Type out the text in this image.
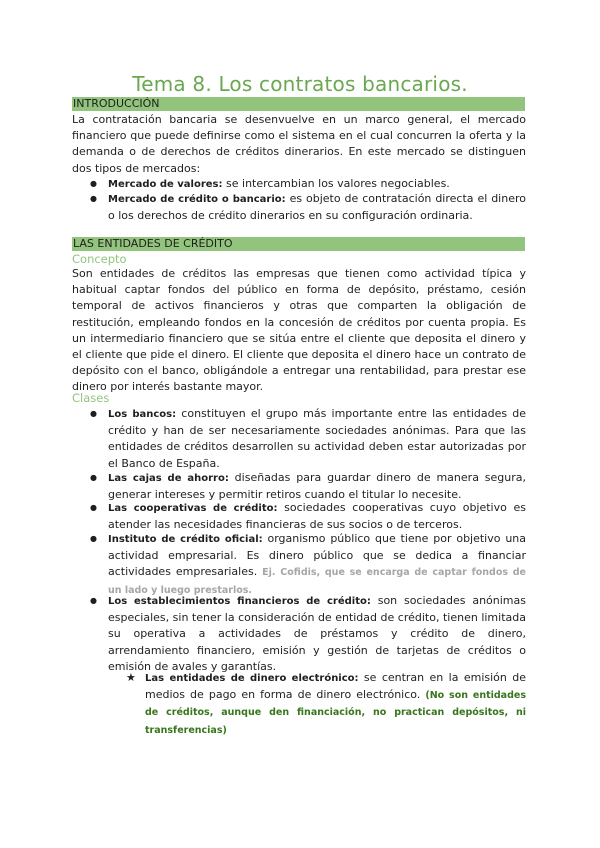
Tema 8. Los contratos bancarios.
INTRODUCCIÓN

La contratación bancaria se desenvuelve en un marco general, el mercado financiero que puede definirse como el sistema en el cual concurren la oferta y la demanda o de derechos de créditos dinerarios. En este mercado se distinguen dos tipos de mercados:

● Mercado de valores: se intercambian los valores negociables.

● Mercado de crédito o bancario: es objeto de contratación directa el dinero o los derechos de crédito dinerarios en su configuración ordinaria.

LAS ENTIDADES DE CRÉDITO
Concepto

Son entidades de créditos las empresas que tienen como actividad típica y habitual captar fondos del público en forma de depósito, préstamo, cesión temporal de activos financieros y otras que comparten la obligación de restitución, empleando fondos en la concesión de créditos por cuenta propia. Es un intermediario financiero que se sitúa entre el cliente que deposita el dinero y el cliente que pide el dinero. El cliente que deposita el dinero hace un contrato de depósito con el banco, obligándole a entregar una rentabilidad, para prestar ese dinero por interés bastante mayor.

Clases
● Los bancos: constituyen el grupo más importante entre las entidades de crédito y han de ser necesariamente sociedades anónimas. Para que las entidades de créditos desarrollen su actividad deben estar autorizadas por el Banco de España.

● Las cajas de ahorro: diseñadas para guardar dinero de manera segura, generar intereses y permitir retiros cuando el titular lo necesite.

● Las cooperativas de crédito: sociedades cooperativas cuyo objetivo es atender las necesidades financieras de sus socios o de terceros.

● Instituto de crédito oficial: organismo público que tiene por objetivo una actividad empresarial. Es dinero público que se dedica a financiar actividades empresariales. Ej. Cofidis, que se encarga de captar fondos de un lado y luego prestarlos.

● Los establecimientos financieros de crédito: son sociedades anónimas especiales, sin tener la consideración de entidad de crédito, tienen limitada su operativa a actividades de préstamos y crédito de dinero, arrendamiento financiero, emisión y gestión de tarjetas de créditos o emisión de avales y garantías.

★ Las entidades de dinero electrónico: se centran en la emisión de medios de pago en forma de dinero electrónico. (No son entidades de créditos, aunque den financiación, no practican depósitos, ni transferencias)
